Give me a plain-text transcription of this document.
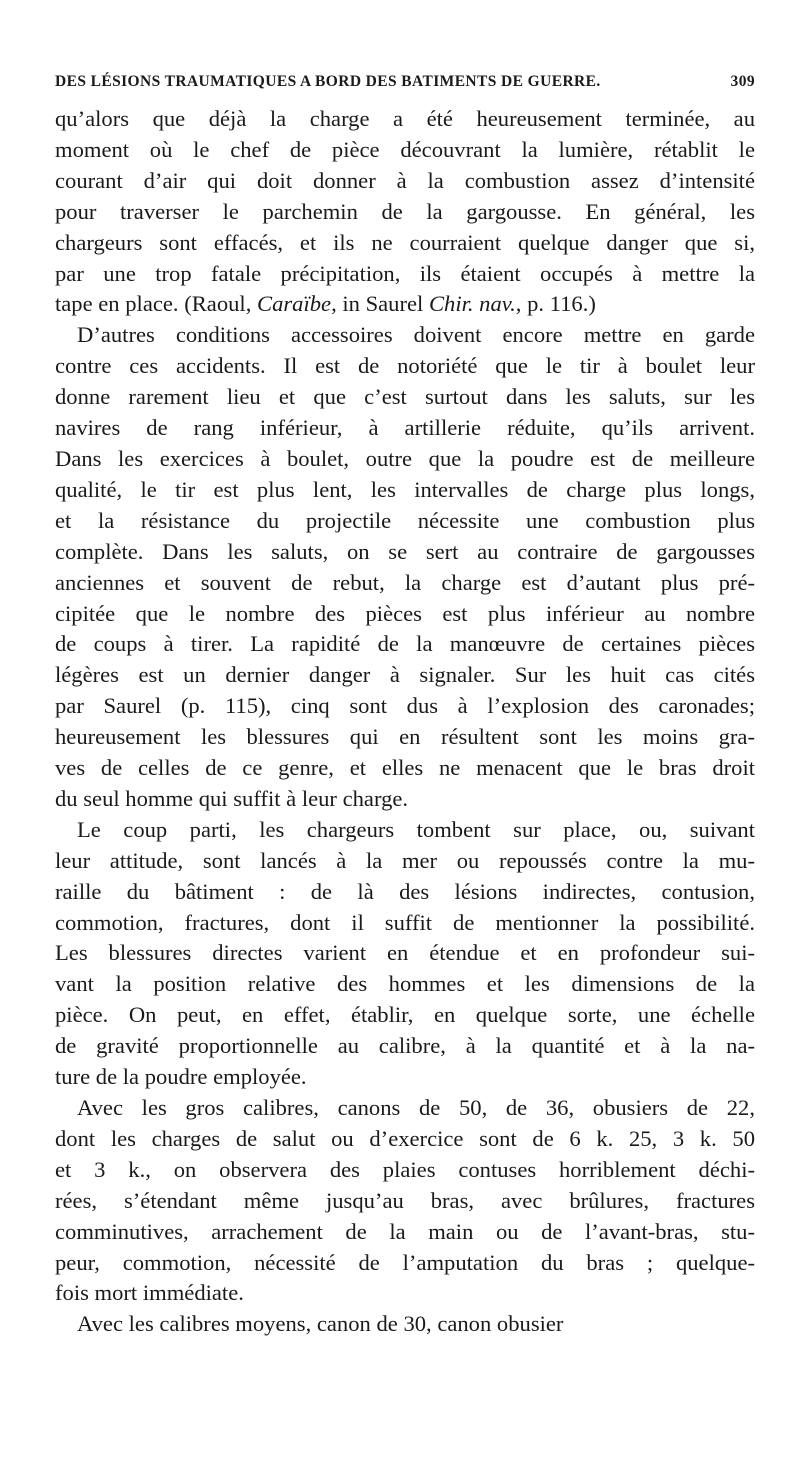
DES LÉSIONS TRAUMATIQUES A BORD DES BATIMENTS DE GUERRE.	309

qu’alors que déjà la charge a été heureusement terminée, au
moment où le chef de pièce découvrant la lumière, rétablit le
courant d’air qui doit donner à la combustion assez d’intensité
pour traverser le parchemin de la gargousse. En général, les
chargeurs sont effacés, et ils ne courraient quelque danger que si,
par une trop fatale précipitation, ils étaient occupés à mettre la
tape en place. (Raoul, Caraïbe, in Saurel Chir. nav., p. 116.)

D’autres conditions accessoires doivent encore mettre en garde
contre ces accidents. Il est de notoriété que le tir à boulet leur
donne rarement lieu et que c’est surtout dans les saluts, sur les
navires de rang inférieur, à artillerie réduite, qu’ils arrivent.
Dans les exercices à boulet, outre que la poudre est de meilleure
qualité, le tir est plus lent, les intervalles de charge plus longs,
et la résistance du projectile nécessite une combustion plus
complète. Dans les saluts, on se sert au contraire de gargousses
anciennes et souvent de rebut, la charge est d’autant plus pré-
cipitée que le nombre des pièces est plus inférieur au nombre
de coups à tirer. La rapidité de la manœuvre de certaines pièces
légères est un dernier danger à signaler. Sur les huit cas cités
par Saurel (p. 115), cinq sont dus à l’explosion des caronades;
heureusement les blessures qui en résultent sont les moins gra-
ves de celles de ce genre, et elles ne menacent que le bras droit
du seul homme qui suffit à leur charge.

Le coup parti, les chargeurs tombent sur place, ou, suivant
leur attitude, sont lancés à la mer ou repoussés contre la mu-
raille du bâtiment : de là des lésions indirectes, contusion,
commotion, fractures, dont il suffit de mentionner la possibilité.
Les blessures directes varient en étendue et en profondeur sui-
vant la position relative des hommes et les dimensions de la
pièce. On peut, en effet, établir, en quelque sorte, une échelle
de gravité proportionnelle au calibre, à la quantité et à la na-
ture de la poudre employée.

Avec les gros calibres, canons de 50, de 36, obusiers de 22,
dont les charges de salut ou d’exercice sont de 6 k. 25, 3 k. 50
et 3 k., on observera des plaies contuses horriblement déchi-
rées, s’étendant même jusqu’au bras, avec brûlures, fractures
comminutives, arrachement de la main ou de l’avant-bras, stu-
peur, commotion, nécessité de l’amputation du bras ; quelque-
fois mort immédiate.

Avec les calibres moyens, canon de 30, canon obusier
